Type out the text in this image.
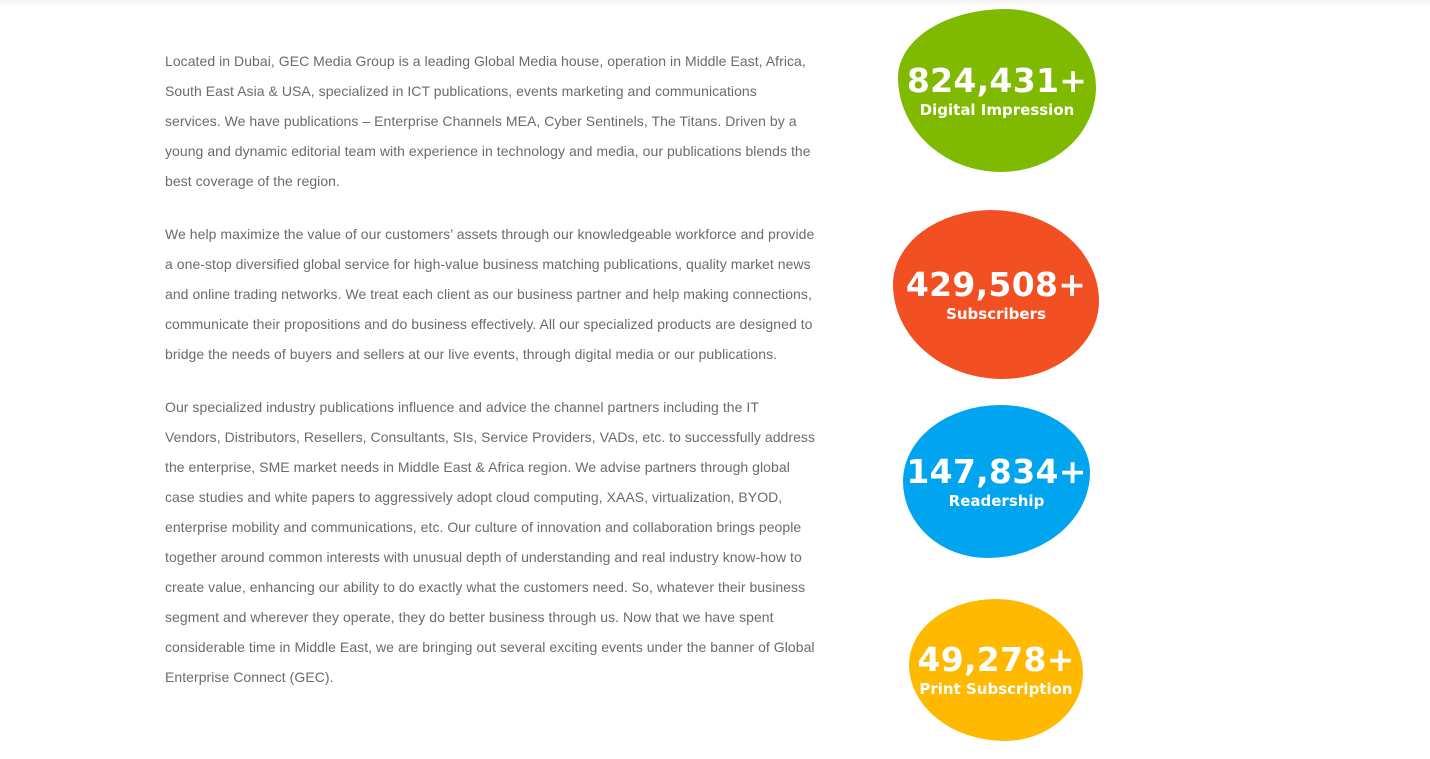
Located in Dubai, GEC Media Group is a leading Global Media house, operation in Middle East, Africa, South East Asia & USA, specialized in ICT publications, events marketing and communications services. We have publications – Enterprise Channels MEA, Cyber Sentinels, The Titans. Driven by a young and dynamic editorial team with experience in technology and media, our publications blends the best coverage of the region.

We help maximize the value of our customers’ assets through our knowledgeable workforce and provide a one-stop diversified global service for high-value business matching publications, quality market news and online trading networks. We treat each client as our business partner and help making connections, communicate their propositions and do business effectively. All our specialized products are designed to bridge the needs of buyers and sellers at our live events, through digital media or our publications.

Our specialized industry publications influence and advice the channel partners including the IT Vendors, Distributors, Resellers, Consultants, SIs, Service Providers, VADs, etc. to successfully address the enterprise, SME market needs in Middle East & Africa region. We advise partners through global case studies and white papers to aggressively adopt cloud computing, XAAS, virtualization, BYOD, enterprise mobility and communications, etc. Our culture of innovation and collaboration brings people together around common interests with unusual depth of understanding and real industry know-how to create value, enhancing our ability to do exactly what the customers need. So, whatever their business segment and wherever they operate, they do better business through us. Now that we have spent considerable time in Middle East, we are bringing out several exciting events under the banner of Global Enterprise Connect (GEC).

824,431+
Digital Impression
429,508+
Subscribers
147,834+
Readership
49,278+
Print Subscription
